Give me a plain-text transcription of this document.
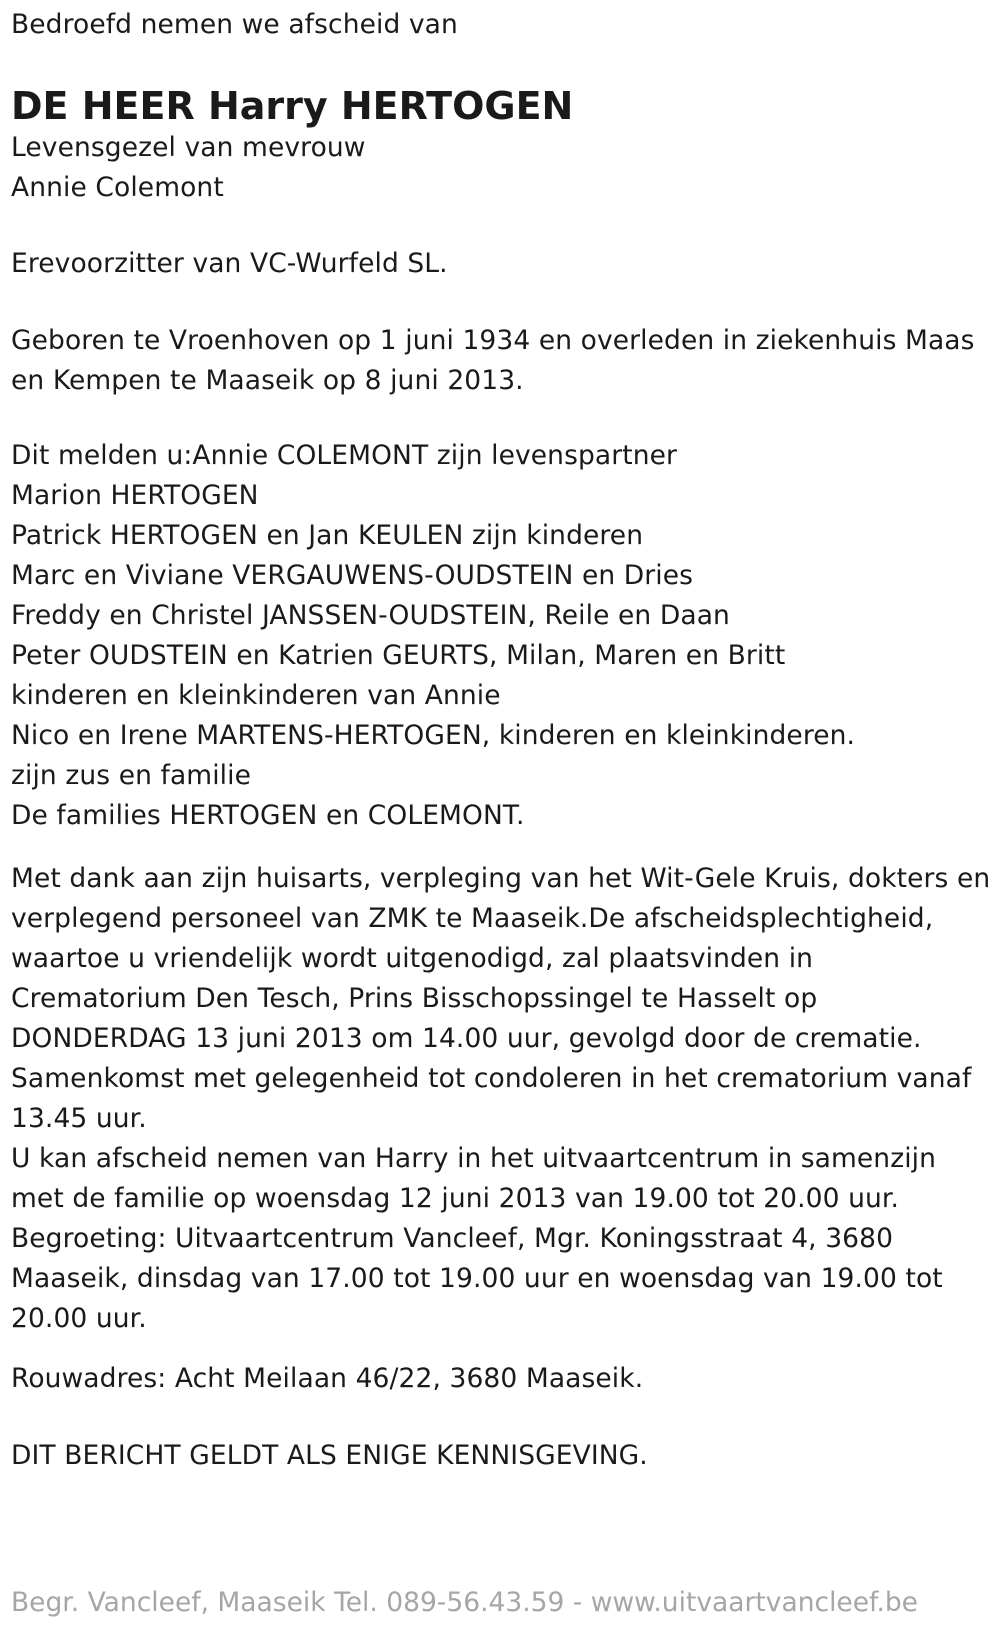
Bedroefd nemen we afscheid van
DE HEER Harry HERTOGEN
Levensgezel van mevrouw
Annie Colemont
Erevoorzitter van VC-Wurfeld SL.
Geboren te Vroenhoven op 1 juni 1934 en overleden in ziekenhuis Maas
en Kempen te Maaseik op 8 juni 2013.
Dit melden u:Annie COLEMONT zijn levenspartner
Marion HERTOGEN
Patrick HERTOGEN en Jan KEULEN zijn kinderen
Marc en Viviane VERGAUWENS-OUDSTEIN en Dries
Freddy en Christel JANSSEN-OUDSTEIN, Reile en Daan
Peter OUDSTEIN en Katrien GEURTS, Milan, Maren en Britt
kinderen en kleinkinderen van Annie
Nico en Irene MARTENS-HERTOGEN, kinderen en kleinkinderen.
zijn zus en familie
De families HERTOGEN en COLEMONT.
Met dank aan zijn huisarts, verpleging van het Wit-Gele Kruis, dokters en
verplegend personeel van ZMK te Maaseik.De afscheidsplechtigheid,
waartoe u vriendelijk wordt uitgenodigd, zal plaatsvinden in
Crematorium Den Tesch, Prins Bisschopssingel te Hasselt op
DONDERDAG 13 juni 2013 om 14.00 uur, gevolgd door de crematie.
Samenkomst met gelegenheid tot condoleren in het crematorium vanaf
13.45 uur.
U kan afscheid nemen van Harry in het uitvaartcentrum in samenzijn
met de familie op woensdag 12 juni 2013 van 19.00 tot 20.00 uur.
Begroeting: Uitvaartcentrum Vancleef, Mgr. Koningsstraat 4, 3680
Maaseik, dinsdag van 17.00 tot 19.00 uur en woensdag van 19.00 tot
20.00 uur.
Rouwadres: Acht Meilaan 46/22, 3680 Maaseik.
DIT BERICHT GELDT ALS ENIGE KENNISGEVING.
Begr. Vancleef, Maaseik Tel. 089-56.43.59 - www.uitvaartvancleef.be
